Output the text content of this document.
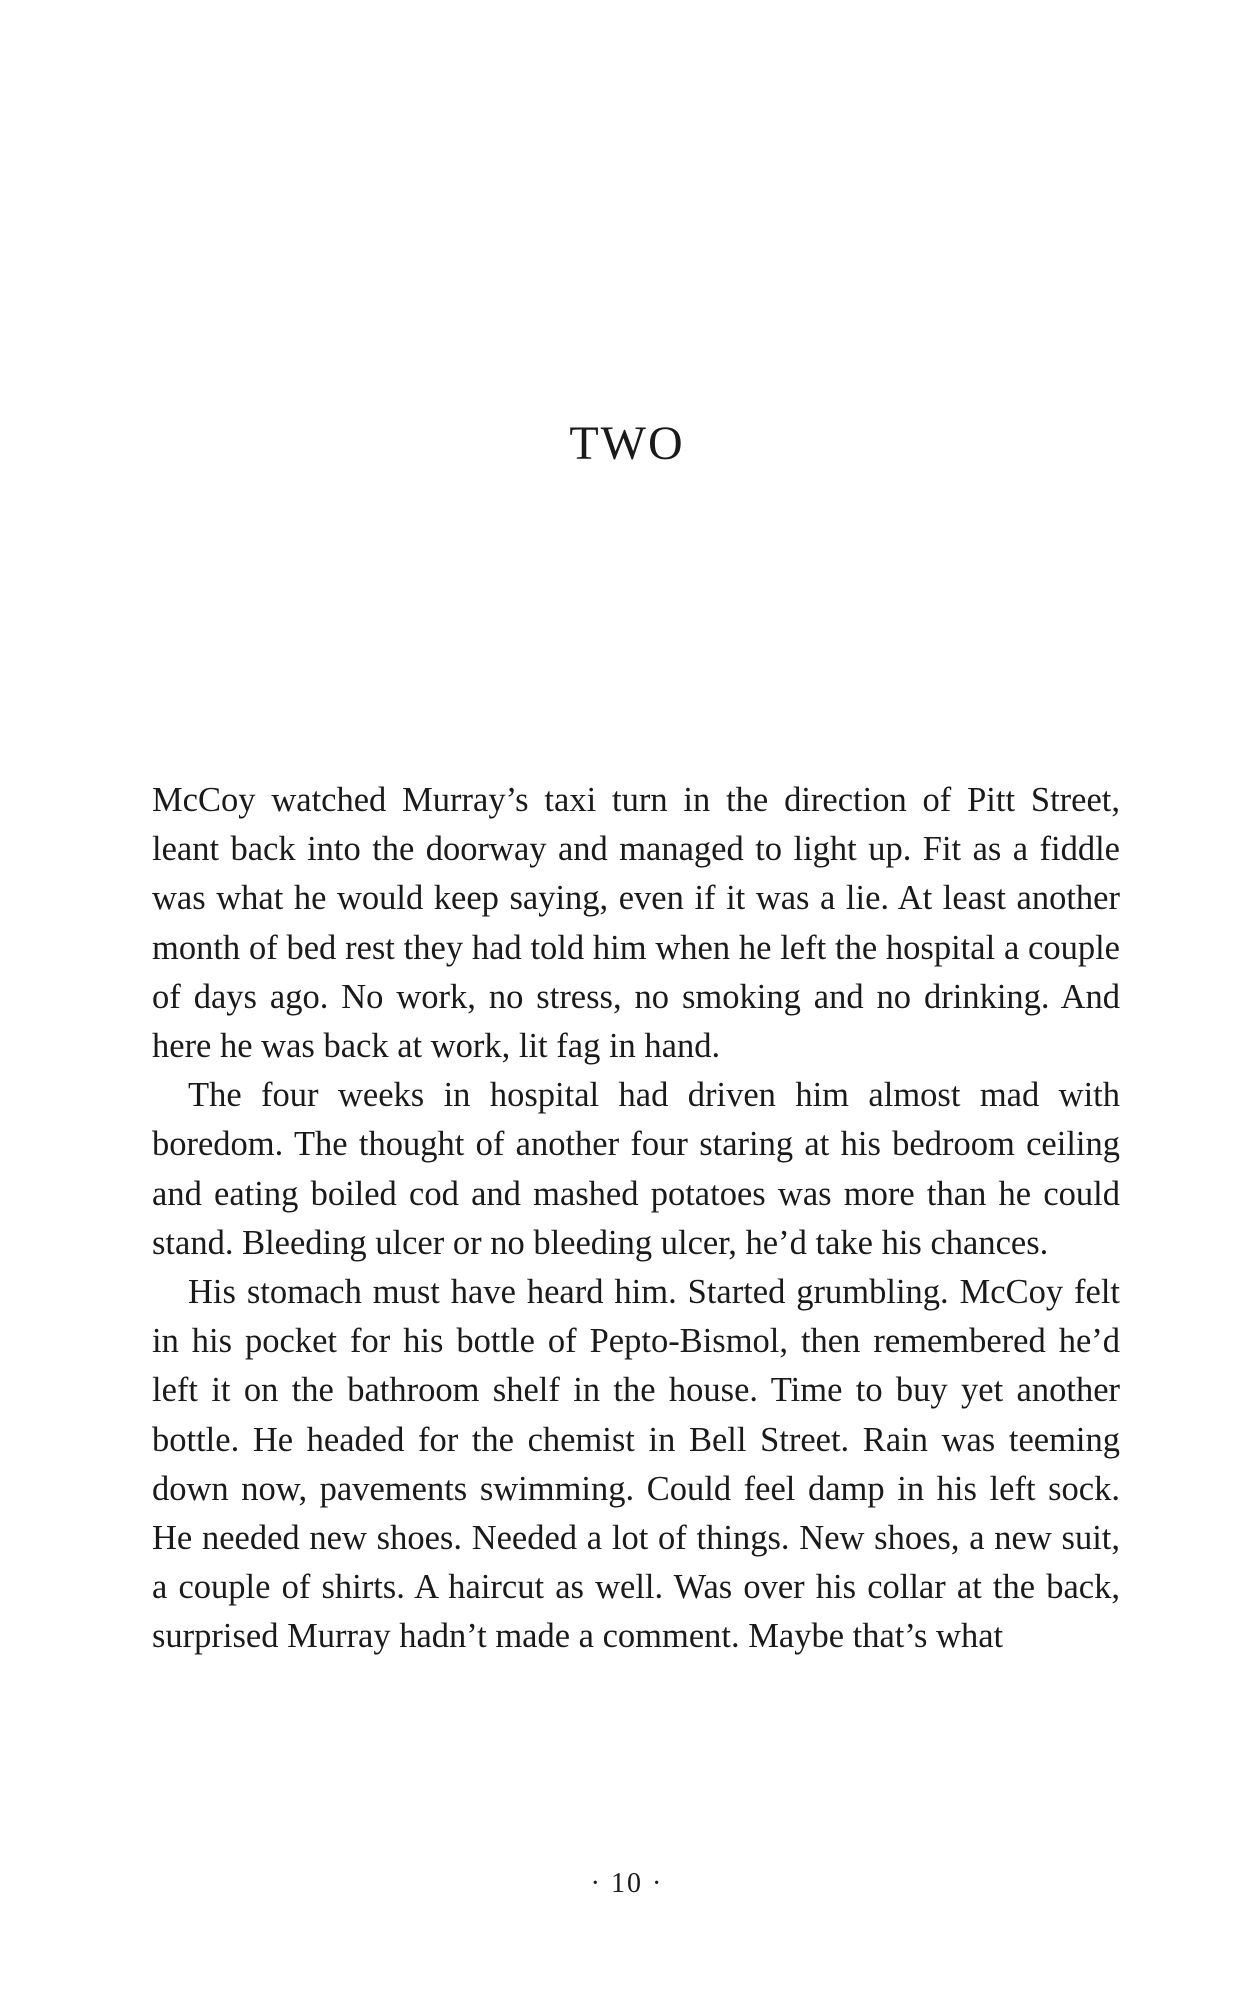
TWO

McCoy watched Murray’s taxi turn in the direction of Pitt Street, leant back into the doorway and managed to light up. Fit as a fiddle was what he would keep saying, even if it was a lie. At least another month of bed rest they had told him when he left the hospital a couple of days ago. No work, no stress, no smoking and no drinking. And here he was back at work, lit fag in hand.

The four weeks in hospital had driven him almost mad with boredom. The thought of another four staring at his bedroom ceiling and eating boiled cod and mashed potatoes was more than he could stand. Bleeding ulcer or no bleeding ulcer, he’d take his chances.

His stomach must have heard him. Started grumbling. McCoy felt in his pocket for his bottle of Pepto-Bismol, then remembered he’d left it on the bathroom shelf in the house. Time to buy yet another bottle. He headed for the chemist in Bell Street. Rain was teeming down now, pavements swimming. Could feel damp in his left sock. He needed new shoes. Needed a lot of things. New shoes, a new suit, a couple of shirts. A haircut as well. Was over his collar at the back, surprised Murray hadn’t made a comment. Maybe that’s what

· 10 ·
